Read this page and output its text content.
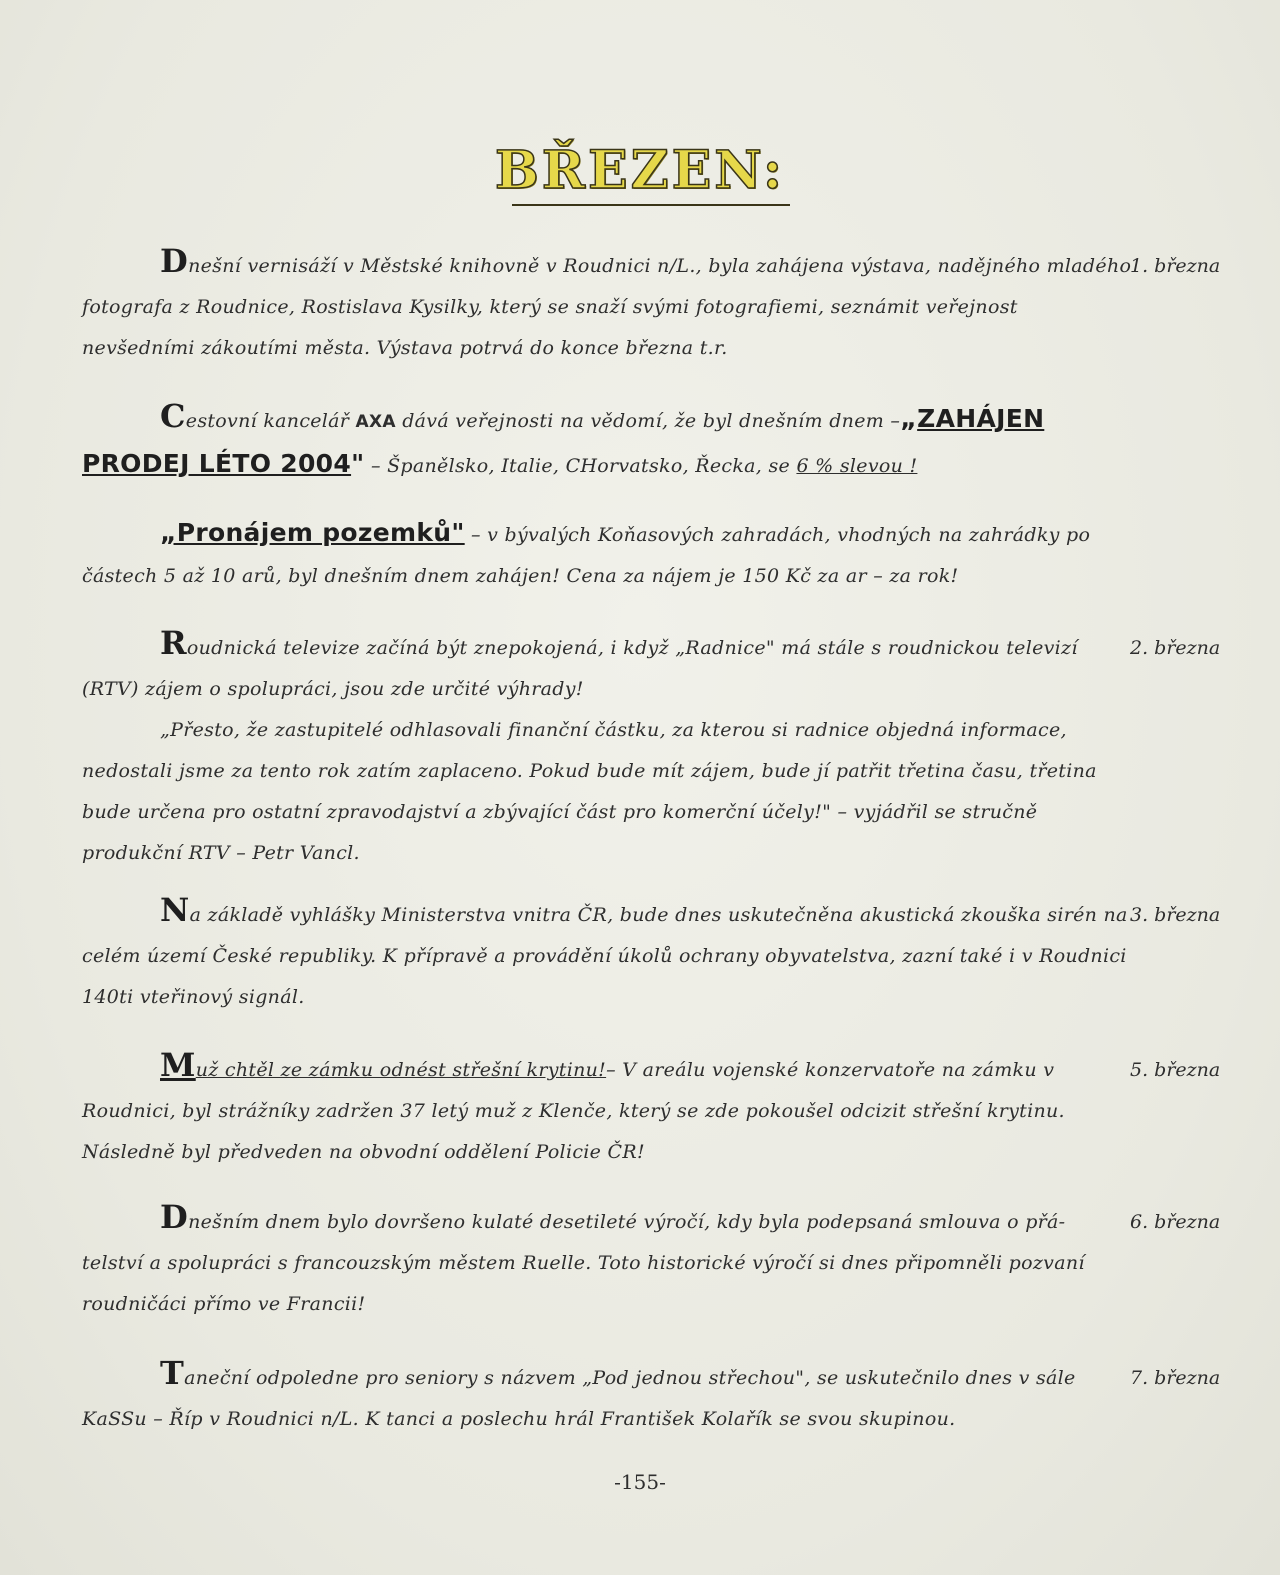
BŘEZEN:
Dnešní vernisáží v Městské knihovně v Roudnici n/L., byla zahájena výstava, nadějného mladého fotografa z Roudnice, Rostislava Kysilky, který se snaží svými fotografiemi, seznámit veřejnost nevšedními zákoutími města. Výstava potrvá do konce března t.r.
1. března
Cestovní kancelář AXA dává veřejnosti na vědomí, že byl dnešním dnem –„ZAHÁJEN PRODEJ LÉTO 2004" – Španělsko, Italie, CHorvatsko, Řecka, se 6 % slevou !
„Pronájem pozemků" – v bývalých Koňasových zahradách, vhodných na zahrádky po částech 5 až 10 arů, byl dnešním dnem zahájen! Cena za nájem je 150 Kč za ar – za rok!
Roudnická televize začíná být znepokojená, i když „Radnice" má stále s roudnickou televizí (RTV) zájem o spolupráci, jsou zde určité výhrady!
„Přesto, že zastupitelé odhlasovali finanční částku, za kterou si radnice objedná informace, nedostali jsme za tento rok zatím zaplaceno. Pokud bude mít zájem, bude jí patřit třetina času, třetina bude určena pro ostatní zpravodajství a zbývající část pro komerční účely!" – vyjádřil se stručně produkční RTV – Petr Vancl.
2. března
Na základě vyhlášky Ministerstva vnitra ČR, bude dnes uskutečněna akustická zkouška sirén na celém území České republiky. K přípravě a provádění úkolů ochrany obyvatelstva, zazní také i v Roudnici 140ti vteřinový signál.
3. března
Muž chtěl ze zámku odnést střešní krytinu!– V areálu vojenské konzervatoře na zámku v Roudnici, byl strážníky zadržen 37 letý muž z Klenče, který se zde pokoušel odcizit střešní krytinu. Následně byl předveden na obvodní oddělení Policie ČR!
5. března
Dnešním dnem bylo dovršeno kulaté desetileté výročí, kdy byla podepsaná smlouva o přá- telství a spolupráci s francouzským městem Ruelle. Toto historické výročí si dnes připomněli pozvaní roudničáci přímo ve Francii!
6. března
Taneční odpoledne pro seniory s názvem „Pod jednou střechou", se uskutečnilo dnes v sále KaSSu – Říp v Roudnici n/L. K tanci a poslechu hrál František Kolařík se svou skupinou.
7. března
-155-
